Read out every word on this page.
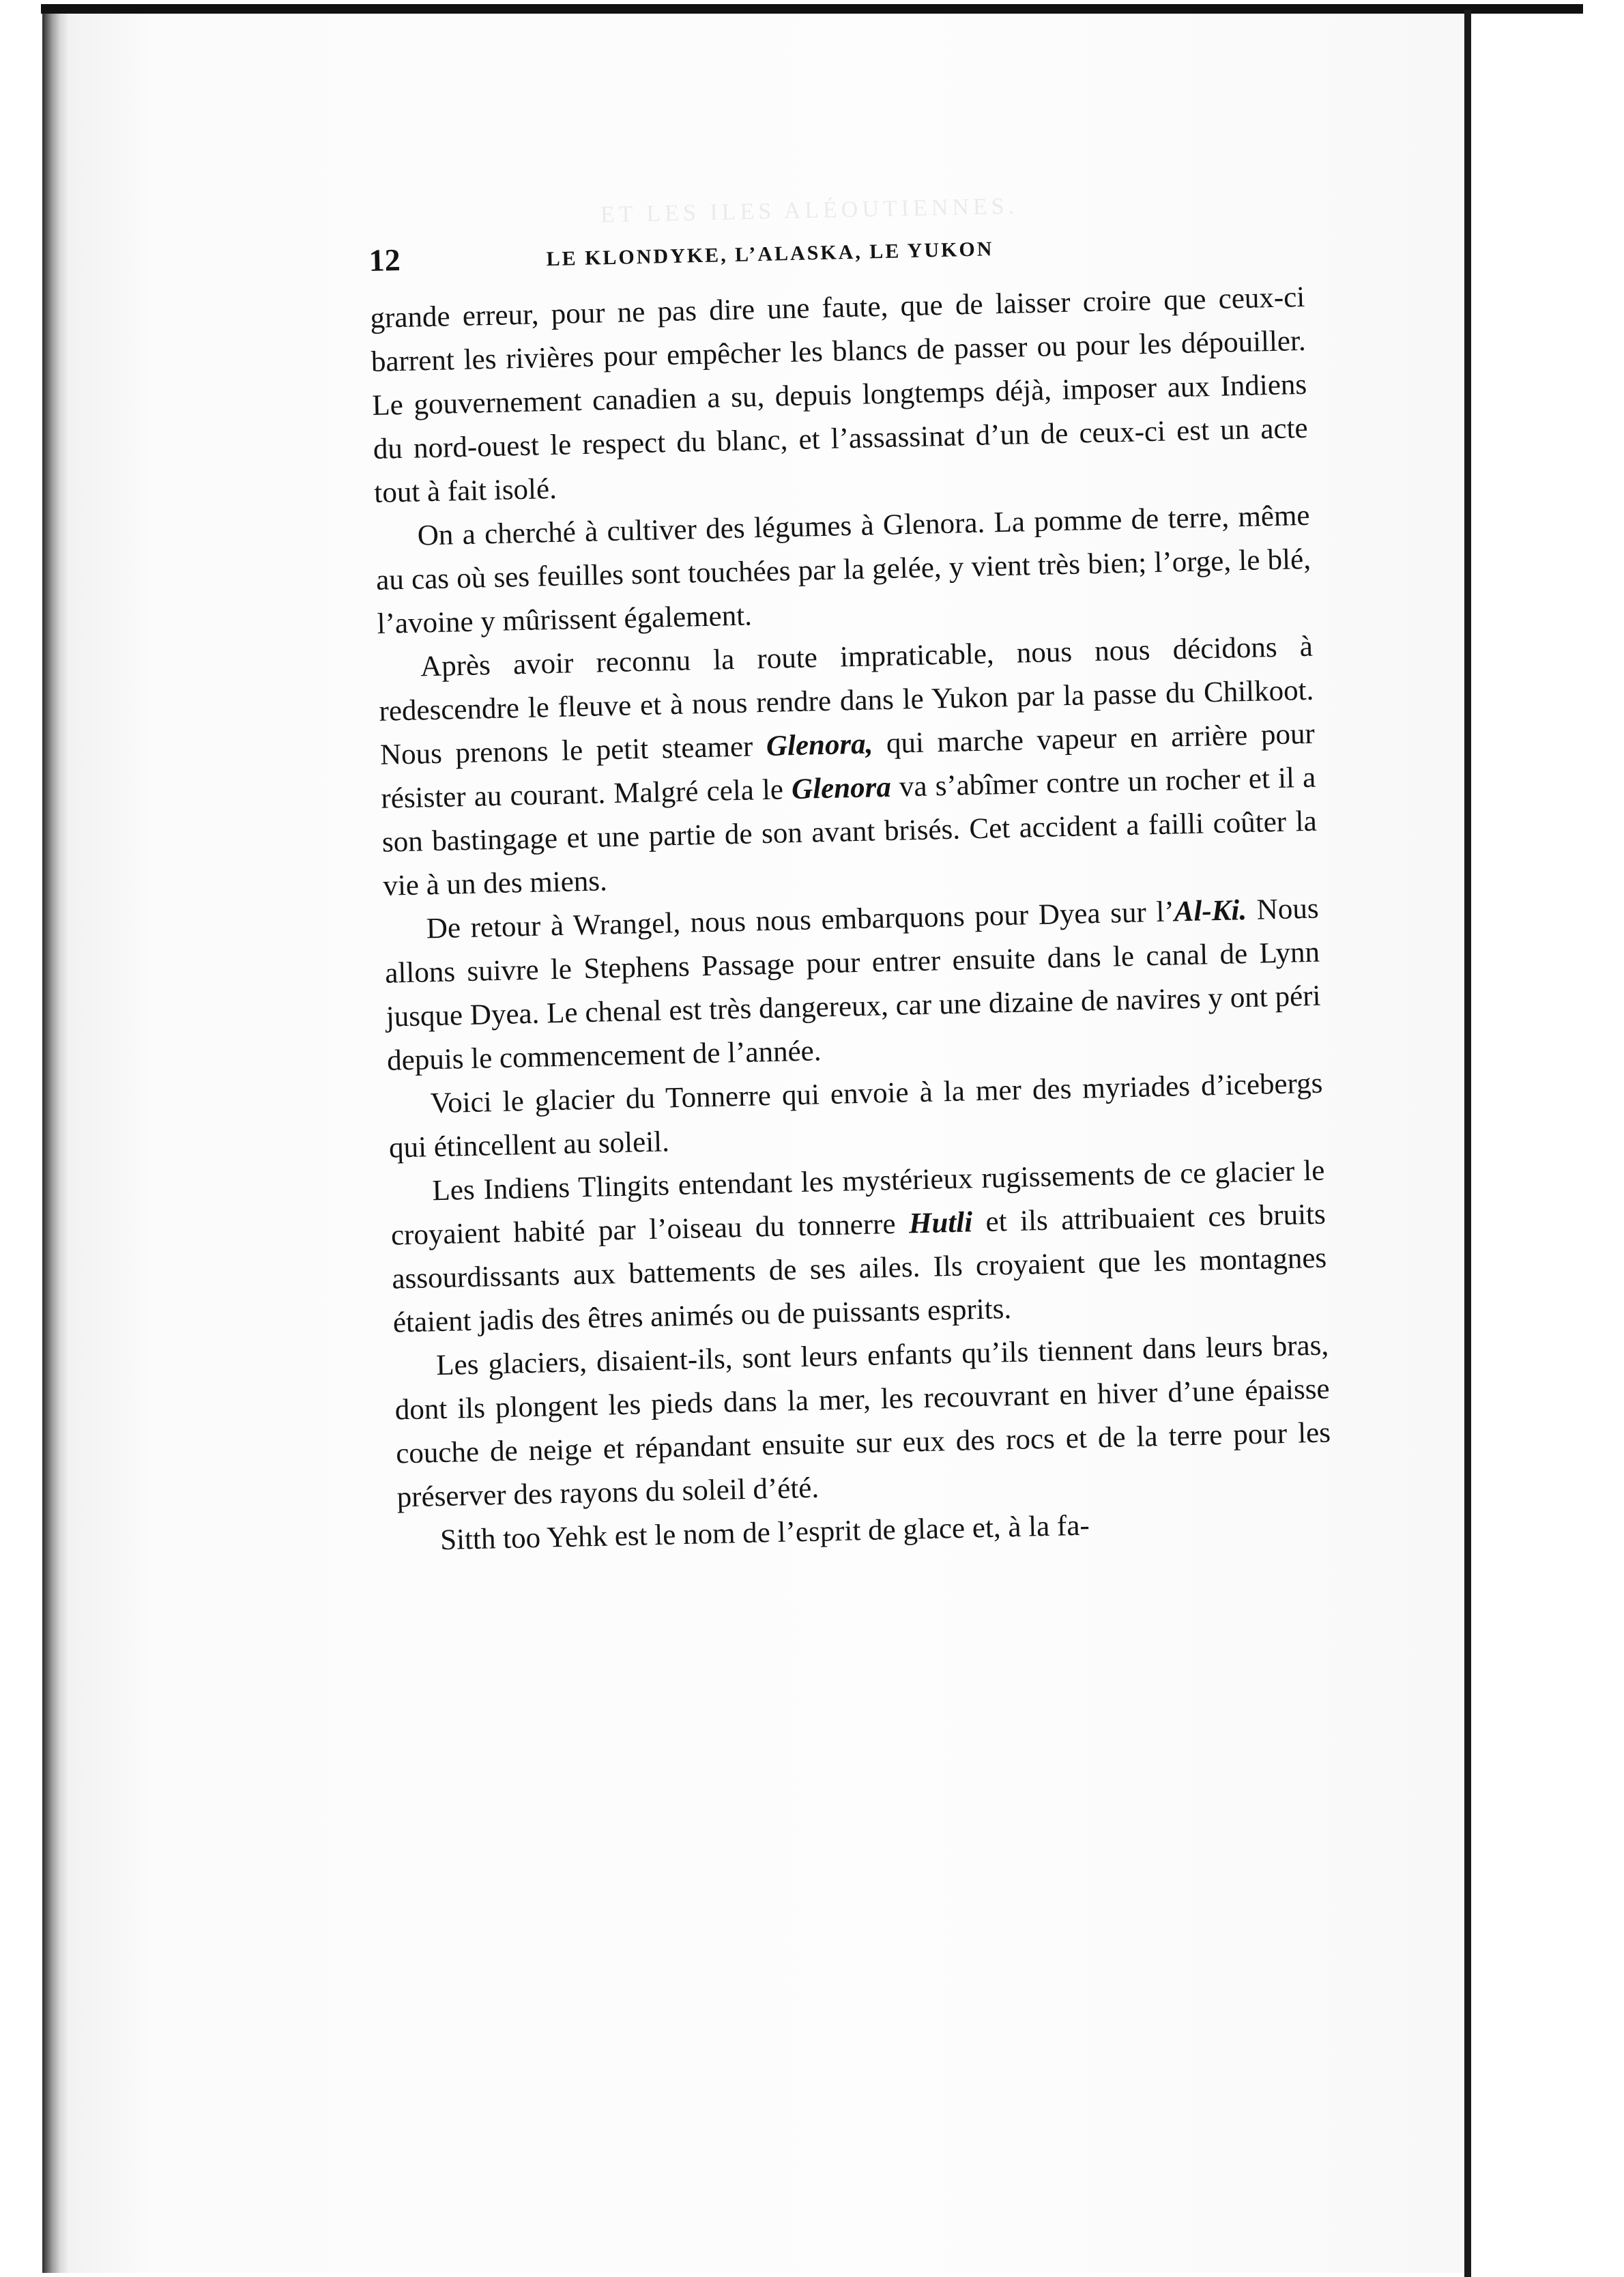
ET LES ILES ALÉOUTIENNES.
12	LE KLONDYKE, L’ALASKA, LE YUKON

grande erreur, pour ne pas dire une faute, que de laisser croire que ceux-ci barrent les rivières pour empêcher les blancs de passer ou pour les dépouiller. Le gouvernement canadien a su, depuis longtemps déjà, imposer aux Indiens du nord-ouest le respect du blanc, et l’assassinat d’un de ceux-ci est un acte tout à fait isolé.

On a cherché à cultiver des légumes à Glenora. La pomme de terre, même au cas où ses feuilles sont touchées par la gelée, y vient très bien; l’orge, le blé, l’avoine y mûrissent également.

Après avoir reconnu la route impraticable, nous nous décidons à redescendre le fleuve et à nous rendre dans le Yukon par la passe du Chilkoot. Nous prenons le petit steamer Glenora, qui marche vapeur en arrière pour résister au courant. Malgré cela le Glenora va s’abîmer contre un rocher et il a son bastingage et une partie de son avant brisés. Cet accident a failli coûter la vie à un des miens.

De retour à Wrangel, nous nous embarquons pour Dyea sur l’Al-Ki. Nous allons suivre le Stephens Passage pour entrer ensuite dans le canal de Lynn jusque Dyea. Le chenal est très dangereux, car une dizaine de navires y ont péri depuis le commencement de l’année.

Voici le glacier du Tonnerre qui envoie à la mer des myriades d’icebergs qui étincellent au soleil.

Les Indiens Tlingits entendant les mystérieux rugissements de ce glacier le croyaient habité par l’oiseau du tonnerre Hutli et ils attribuaient ces bruits assourdissants aux battements de ses ailes. Ils croyaient que les montagnes étaient jadis des êtres animés ou de puissants esprits.

Les glaciers, disaient-ils, sont leurs enfants qu’ils tiennent dans leurs bras, dont ils plongent les pieds dans la mer, les recouvrant en hiver d’une épaisse couche de neige et répandant ensuite sur eux des rocs et de la terre pour les préserver des rayons du soleil d’été.

Sitth too Yehk est le nom de l’esprit de glace et, à la fa-
